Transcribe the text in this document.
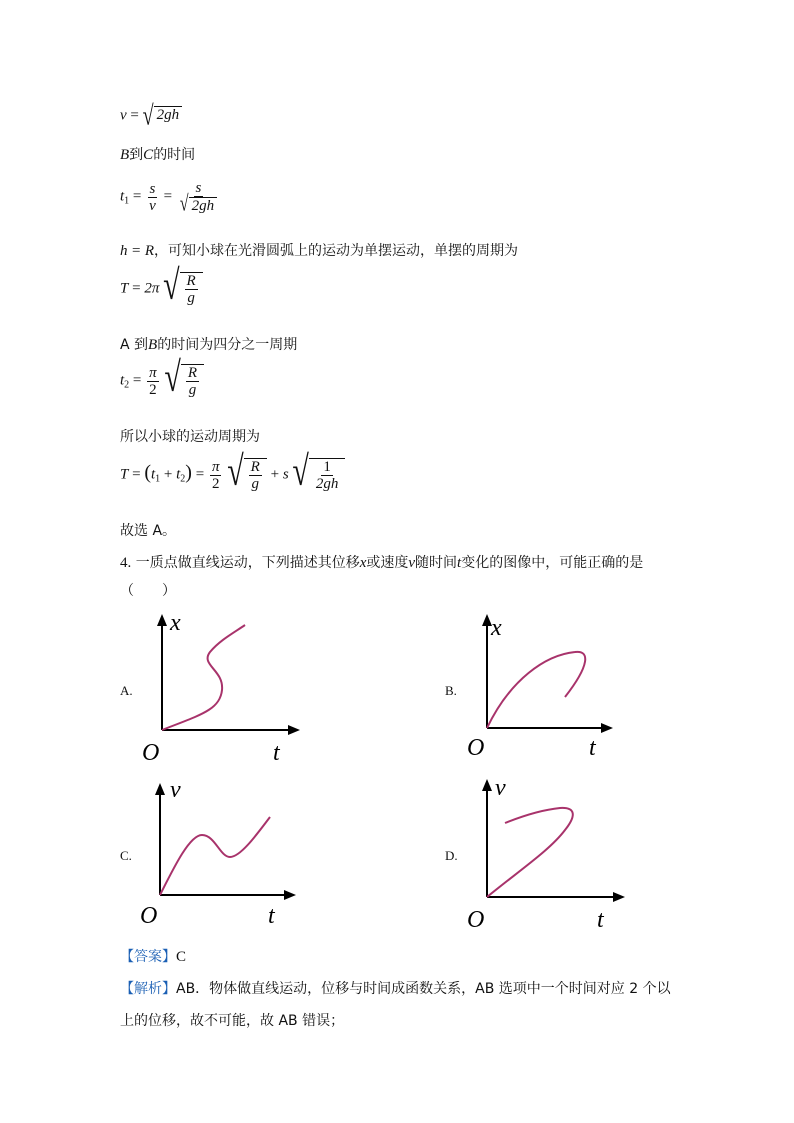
v = √ 2gh
B到C的时间
$t_1 = \frac{s}{v} = \frac{s}{√ 2gh}$
h = R，可知小球在光滑圆弧上的运动为单摆运动，单摆的周期为
T = 2π √ $\frac{R}{g}$
A 到B的时间为四分之一周期
$t_2 = \frac{\pi}{2}$
√ $\frac{R}{g}$
所以小球的运动周期为
$T = (t_1 + t_2) = \frac{\pi}{2}$
√ $\frac{R}{g} + s$ √ $\frac{1}{2gh}$
故选 A。
4. 一质点做直线运动，下列描述其位移x或速度v随时间t变化的图像中，可能正确的是
（　　）
A.
x
t
O
B.
x
t
O
C.
v
t
O
D.
v
t
O
【答案】C
【解析】AB．物体做直线运动，位移与时间成函数关系，AB 选项中一个时间对应 2 个以
上的位移，故不可能，故 AB 错误；
